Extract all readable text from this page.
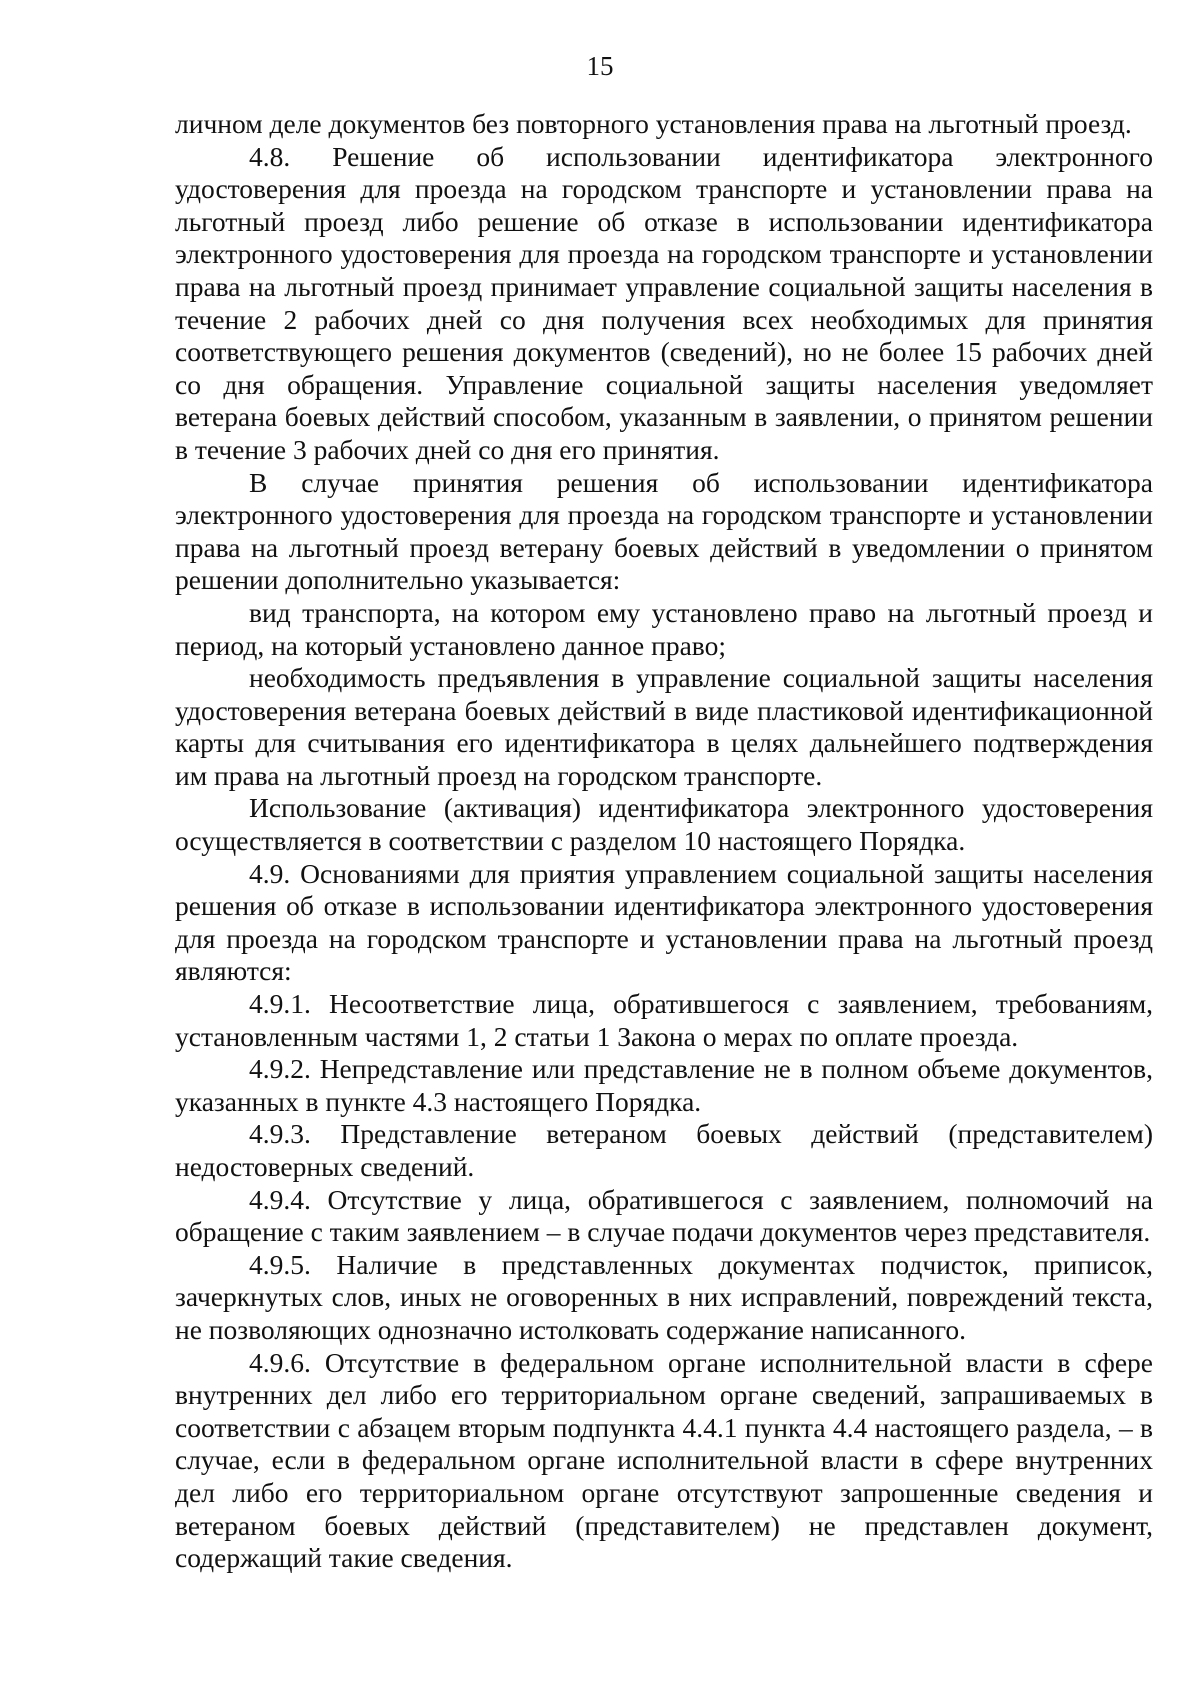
15

личном деле документов без повторного установления права на льготный проезд.

4.8. Решение об использовании идентификатора электронного удостоверения для проезда на городском транспорте и установлении права на льготный проезд либо решение об отказе в использовании идентификатора электронного удостоверения для проезда на городском транспорте и установлении права на льготный проезд принимает управление социальной защиты населения в течение 2 рабочих дней со дня получения всех необходимых для принятия соответствующего решения документов (сведений), но не более 15 рабочих дней со дня обращения. Управление социальной защиты населения уведомляет ветерана боевых действий способом, указанным в заявлении, о принятом решении в течение 3 рабочих дней со дня его принятия.

В случае принятия решения об использовании идентификатора электронного удостоверения для проезда на городском транспорте и установлении права на льготный проезд ветерану боевых действий в уведомлении о принятом решении дополнительно указывается:

вид транспорта, на котором ему установлено право на льготный проезд и период, на который установлено данное право;

необходимость предъявления в управление социальной защиты населения удостоверения ветерана боевых действий в виде пластиковой идентификационной карты для считывания его идентификатора в целях дальнейшего подтверждения им права на льготный проезд на городском транспорте.

Использование (активация) идентификатора электронного удостоверения осуществляется в соответствии с разделом 10 настоящего Порядка.

4.9. Основаниями для приятия управлением социальной защиты населения решения об отказе в использовании идентификатора электронного удостоверения для проезда на городском транспорте и установлении права на льготный проезд являются:

4.9.1. Несоответствие лица, обратившегося с заявлением, требованиям, установленным частями 1, 2 статьи 1 Закона о мерах по оплате проезда.

4.9.2. Непредставление или представление не в полном объеме документов, указанных в пункте 4.3 настоящего Порядка.

4.9.3. Представление ветераном боевых действий (представителем) недостоверных сведений.

4.9.4. Отсутствие у лица, обратившегося с заявлением, полномочий на обращение с таким заявлением – в случае подачи документов через представителя.

4.9.5. Наличие в представленных документах подчисток, приписок, зачеркнутых слов, иных не оговоренных в них исправлений, повреждений текста, не позволяющих однозначно истолковать содержание написанного.

4.9.6. Отсутствие в федеральном органе исполнительной власти в сфере внутренних дел либо его территориальном органе сведений, запрашиваемых в соответствии с абзацем вторым подпункта 4.4.1 пункта 4.4 настоящего раздела, – в случае, если в федеральном органе исполнительной власти в сфере внутренних дел либо его территориальном органе отсутствуют запрошенные сведения и ветераном боевых действий (представителем) не представлен документ, содержащий такие сведения.
